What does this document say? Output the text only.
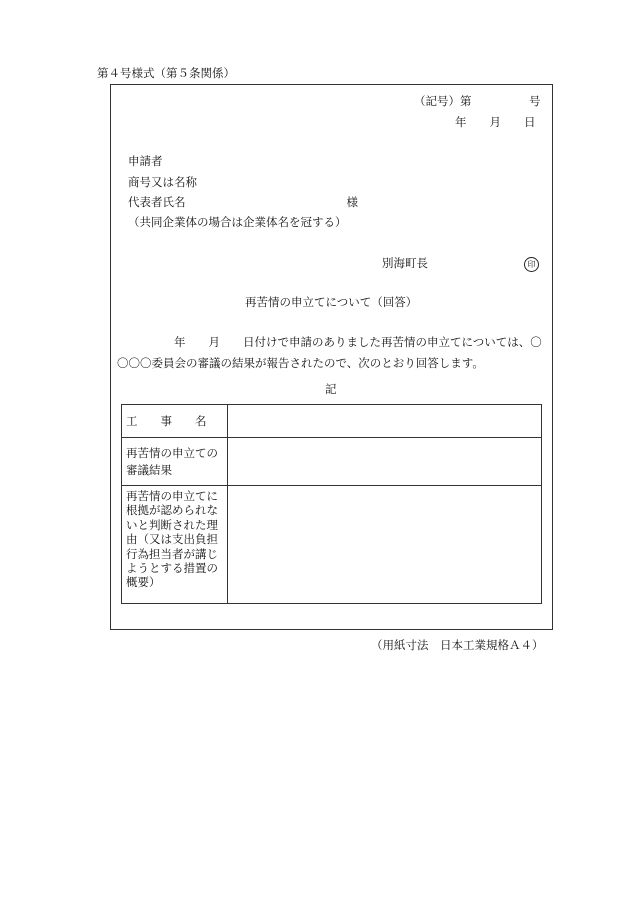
第４号様式（第５条関係）
（記号）第　　　　　号
年　　月　　日
申請者
商号又は名称
代表者氏名　　　　　　　　　　　　　　様
（共同企業体の場合は企業体名を冠する）
別海町長	印
再苦情の申立てについて（回答）
年　　月　　日付けで申請のありました再苦情の申立てについては、〇
〇〇〇委員会の審議の結果が報告されたので、次のとおり回答します。
記
工　　事　　名	
再苦情の申立ての審議結果	
再苦情の申立てに根拠が認められないと判断された理由（又は支出負担行為担当者が講じようとする措置の概要）	
（用紙寸法　日本工業規格Ａ４）
